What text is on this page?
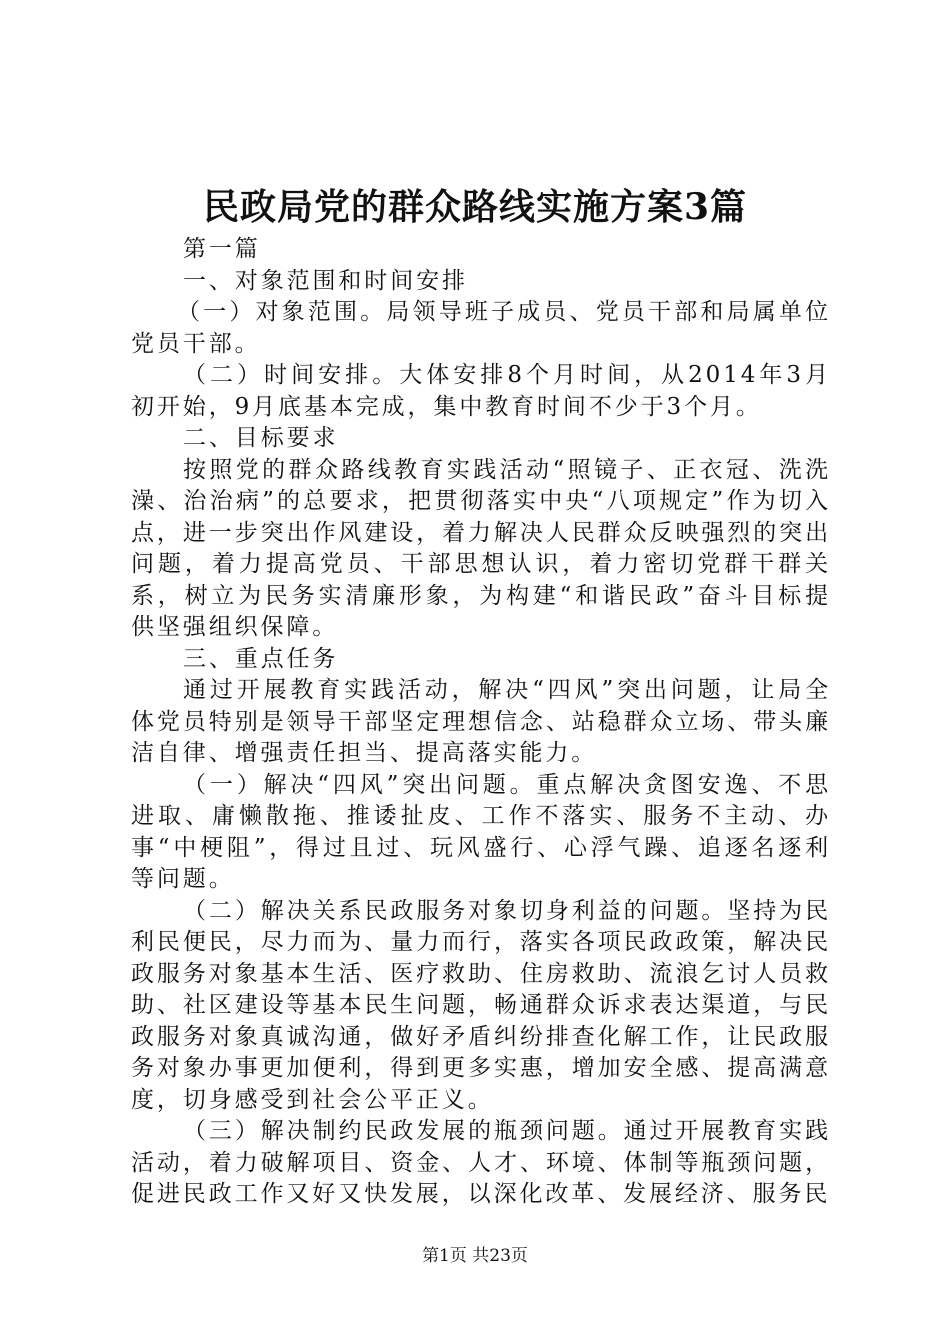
民政局党的群众路线实施方案3篇

第一篇

一、对象范围和时间安排

（一）对象范围。局领导班子成员、党员干部和局属单位党员干部。

（二）时间安排。大体安排8个月时间，从2014年3月初开始，9月底基本完成，集中教育时间不少于3个月。

二、目标要求

按照党的群众路线教育实践活动“照镜子、正衣冠、洗洗澡、治治病”的总要求，把贯彻落实中央“八项规定”作为切入点，进一步突出作风建设，着力解决人民群众反映强烈的突出问题，着力提高党员、干部思想认识，着力密切党群干群关系，树立为民务实清廉形象，为构建“和谐民政”奋斗目标提供坚强组织保障。

三、重点任务

通过开展教育实践活动，解决“四风”突出问题，让局全体党员特别是领导干部坚定理想信念、站稳群众立场、带头廉洁自律、增强责任担当、提高落实能力。

（一）解决“四风”突出问题。重点解决贪图安逸、不思进取、庸懒散拖、推诿扯皮、工作不落实、服务不主动、办事“中梗阻”，得过且过、玩风盛行、心浮气躁、追逐名逐利等问题。

（二）解决关系民政服务对象切身利益的问题。坚持为民利民便民，尽力而为、量力而行，落实各项民政政策，解决民政服务对象基本生活、医疗救助、住房救助、流浪乞讨人员救助、社区建设等基本民生问题，畅通群众诉求表达渠道，与民政服务对象真诚沟通，做好矛盾纠纷排查化解工作，让民政服务对象办事更加便利，得到更多实惠，增加安全感、提高满意度，切身感受到社会公平正义。

（三）解决制约民政发展的瓶颈问题。通过开展教育实践活动，着力破解项目、资金、人才、环境、体制等瓶颈问题，促进民政工作又好又快发展，以深化改革、发展经济、服务民

第1页 共23页
